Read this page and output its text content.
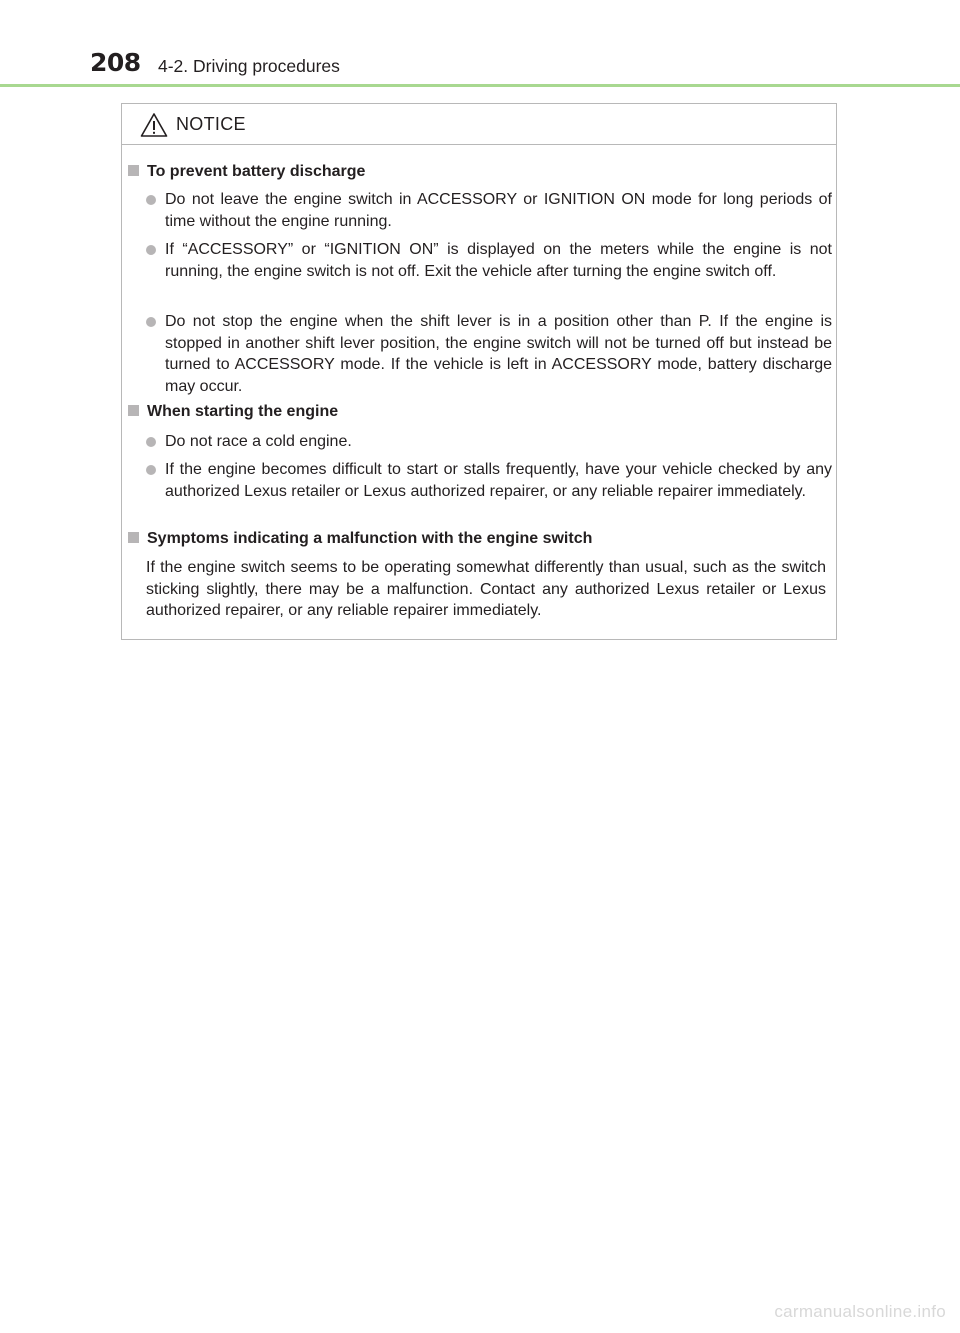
208 4-2. Driving procedures
NOTICE
To prevent battery discharge
Do not leave the engine switch in ACCESSORY or IGNITION ON mode for long periods of time without the engine running.
If “ACCESSORY” or “IGNITION ON” is displayed on the meters while the engine is not running, the engine switch is not off. Exit the vehicle after turning the engine switch off.
Do not stop the engine when the shift lever is in a position other than P. If the engine is stopped in another shift lever position, the engine switch will not be turned off but instead be turned to ACCESSORY mode. If the vehicle is left in ACCESSORY mode, battery discharge may occur.
When starting the engine
Do not race a cold engine.
If the engine becomes difficult to start or stalls frequently, have your vehicle checked by any authorized Lexus retailer or Lexus authorized repairer, or any reliable repairer immediately.
Symptoms indicating a malfunction with the engine switch
If the engine switch seems to be operating somewhat differently than usual, such as the switch sticking slightly, there may be a malfunction. Contact any authorized Lexus retailer or Lexus authorized repairer, or any reliable repairer immediately.
carmanualsonline.info
